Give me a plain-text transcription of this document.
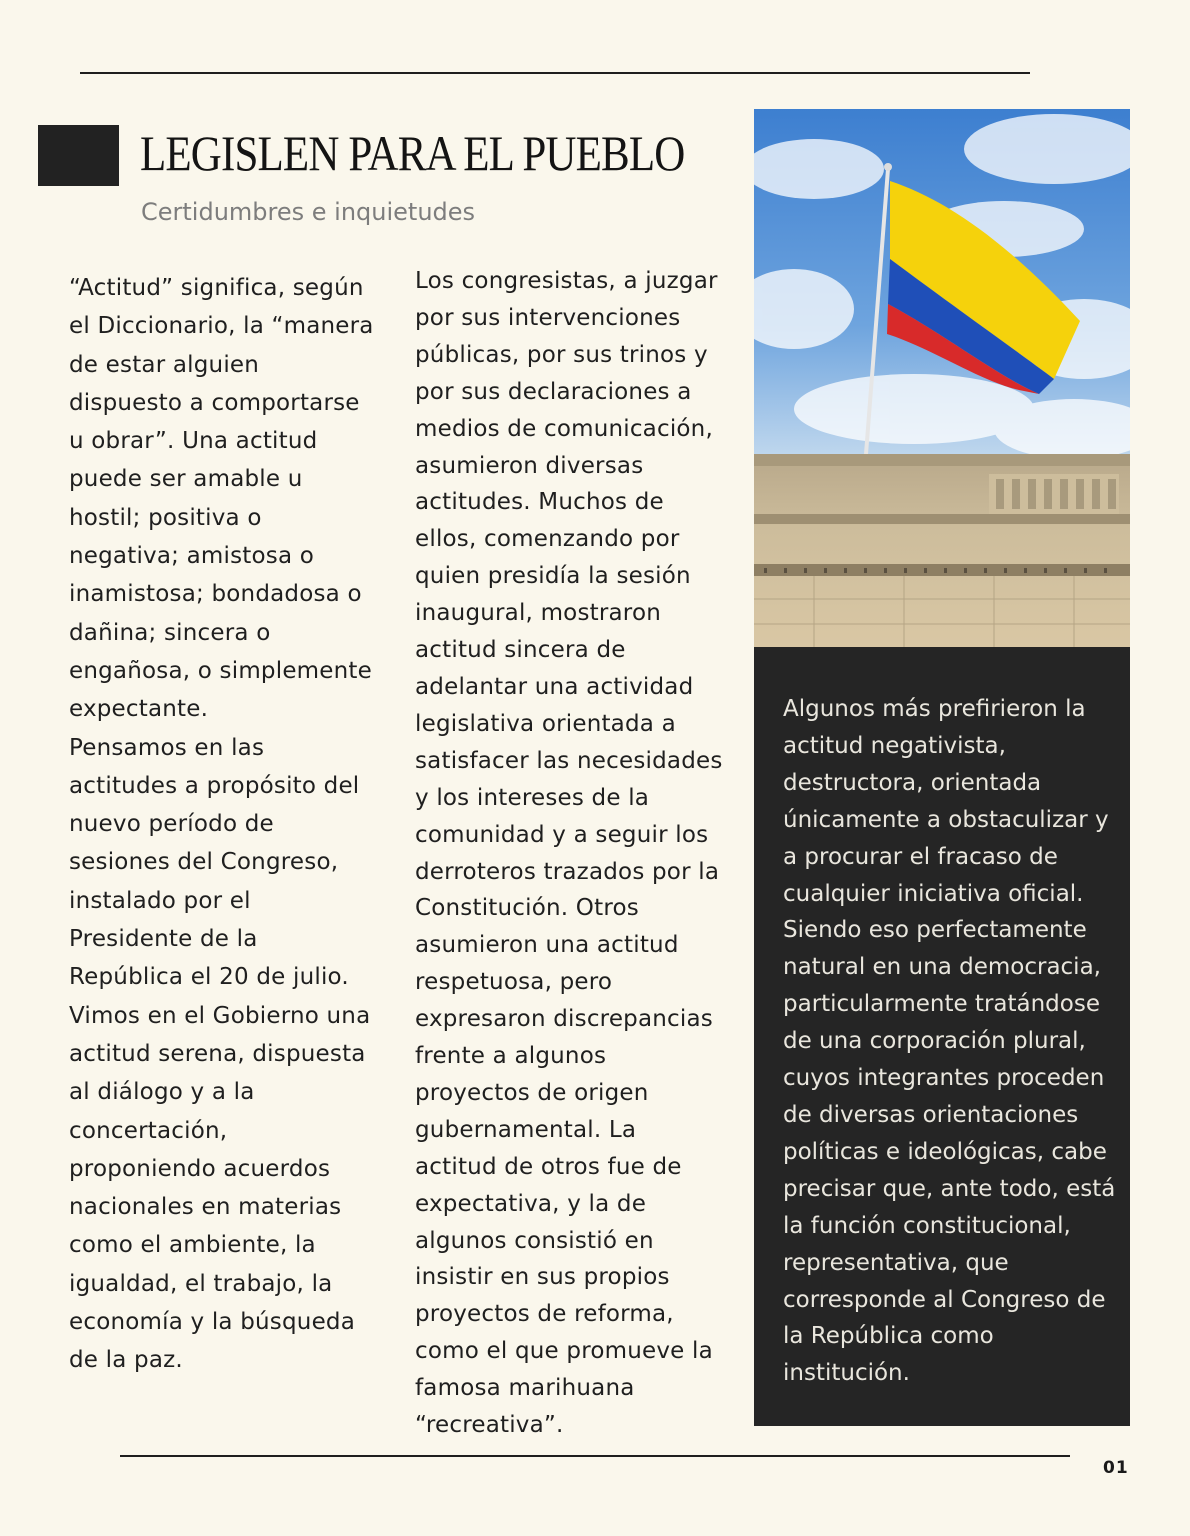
LEGISLEN PARA EL PUEBLO
Certidumbres e inquietudes

“Actitud” significa, según el Diccionario, la “manera de estar alguien dispuesto a comportarse u obrar”. Una actitud puede ser amable u hostil; positiva o negativa; amistosa o inamistosa; bondadosa o dañina; sincera o engañosa, o simplemente expectante.

Pensamos en las actitudes a propósito del nuevo período de sesiones del Congreso, instalado por el Presidente de la República el 20 de julio. Vimos en el Gobierno una actitud serena, dispuesta al diálogo y a la concertación, proponiendo acuerdos nacionales en materias como el ambiente, la igualdad, el trabajo, la economía y la búsqueda de la paz.

Los congresistas, a juzgar por sus intervenciones públicas, por sus trinos y por sus declaraciones a medios de comunicación, asumieron diversas actitudes. Muchos de ellos, comenzando por quien presidía la sesión inaugural, mostraron actitud sincera de adelantar una actividad legislativa orientada a satisfacer las necesidades y los intereses de la comunidad y a seguir los derroteros trazados por la Constitución. Otros asumieron una actitud respetuosa, pero expresaron discrepancias frente a algunos proyectos de origen gubernamental. La actitud de otros fue de expectativa, y la de algunos consistió en insistir en sus propios proyectos de reforma, como el que promueve la famosa marihuana “recreativa”.

Algunos más prefirieron la actitud negativista, destructora, orientada únicamente a obstaculizar y a procurar el fracaso de cualquier iniciativa oficial. Siendo eso perfectamente natural en una democracia, particularmente tratándose de una corporación plural, cuyos integrantes proceden de diversas orientaciones políticas e ideológicas, cabe precisar que, ante todo, está la función constitucional, representativa, que corresponde al Congreso de la República como institución.

01
